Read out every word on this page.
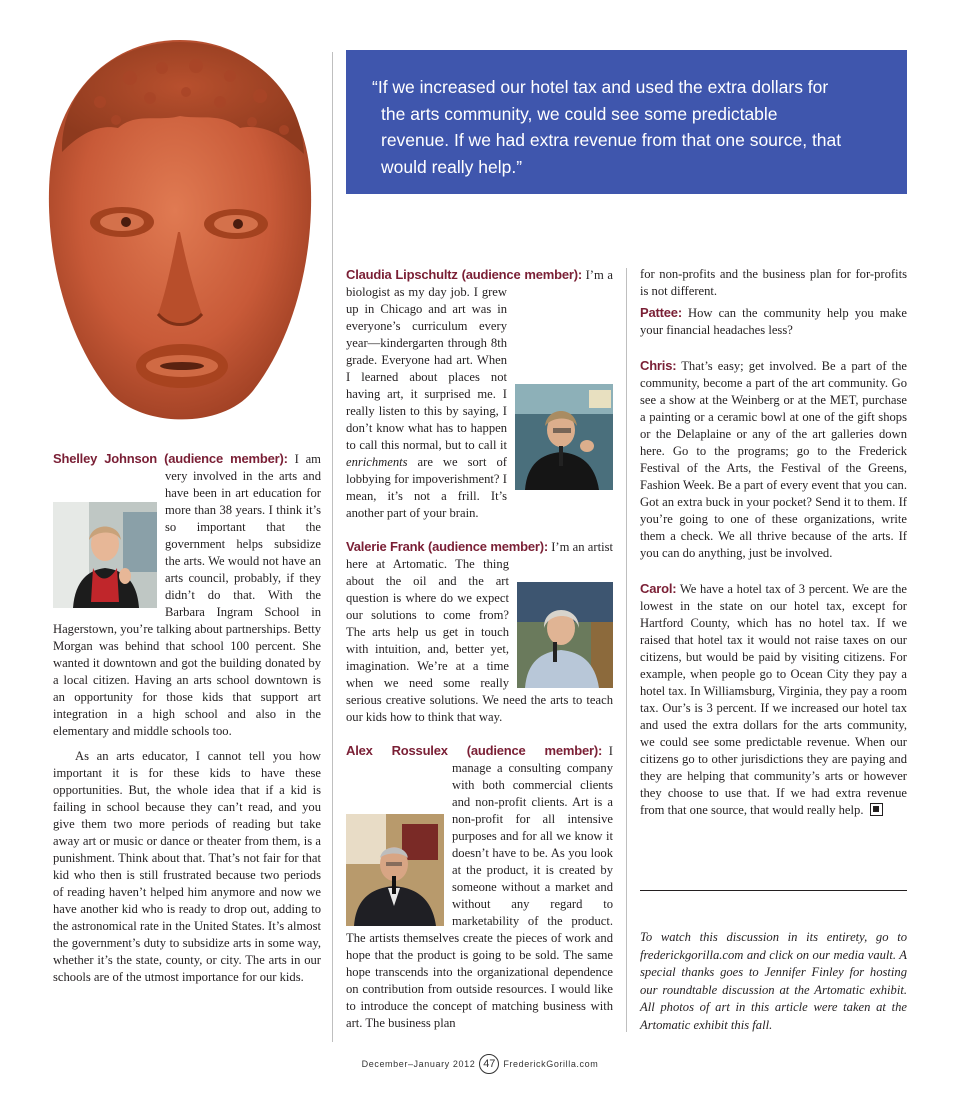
“If we increased our hotel tax and used the extra dollars for the arts community, we could see some predictable revenue. If we had extra revenue from that one source, that would really help.”

Shelley Johnson (audience member): I am very involved in the arts and have been in art education for more than 38 years. I think it’s so important that the government helps subsidize the arts. We would not have an arts council, probably, if they didn’t do that. With the Barbara Ingram School in Hagerstown, you’re talking about partnerships. Betty Morgan was behind that school 100 percent. She wanted it downtown and got the building donated by a local citizen. Having an arts school downtown is an opportunity for those kids that support art integration in a high school and also in the elementary and middle schools too.

As an arts educator, I cannot tell you how important it is for these kids to have these opportunities. But, the whole idea that if a kid is failing in school because they can’t read, and you give them two more periods of reading but take away art or music or dance or theater from them, is a punishment. Think about that. That’s not fair for that kid who then is still frustrated because two periods of reading haven’t helped him anymore and now we have another kid who is ready to drop out, adding to the astronomical rate in the United States. It’s almost the government’s duty to subsidize arts in some way, whether it’s the state, county, or city. The arts in our schools are of the utmost importance for our kids.

Claudia Lipschultz (audience member): I’m a biologist as my day job. I grew up in Chicago and art was in everyone’s curriculum every year—kindergarten through 8th grade. Everyone had art. When I learned about places not having art, it surprised me. I really listen to this by saying, I don’t know what has to happen to call this normal, but to call it enrichments are we sort of lobbying for impoverishment? I mean, it’s not a frill. It’s another part of your brain.

Valerie Frank (audience member): I’m an artist here at Artomatic. The thing about the oil and the art question is where do we expect our solutions to come from? The arts help us get in touch with intuition, and, better yet, imagination. We’re at a time when we need some really serious creative solutions. We need the arts to teach our kids how to think that way.

Alex Rossulex (audience member): I manage a consulting company with both commercial clients and non-profit clients. Art is a non-profit for all intensive purposes and for all we know it doesn’t have to be. As you look at the product, it is created by someone without a market and without any regard to marketability of the product. The artists themselves create the pieces of work and hope that the product is going to be sold. The same hope transcends into the organizational dependence on contribution from outside resources. I would like to introduce the concept of matching business with art. The business plan

for non-profits and the business plan for for-profits is not different.

Pattee: How can the community help you make your financial headaches less?

Chris: That’s easy; get involved. Be a part of the community, become a part of the art community. Go see a show at the Weinberg or at the MET, purchase a painting or a ceramic bowl at one of the gift shops or the Delaplaine or any of the art galleries down here. Go to the programs; go to the Frederick Festival of the Arts, the Festival of the Greens, Fashion Week. Be a part of every event that you can. Got an extra buck in your pocket? Send it to them. If you’re going to one of these organizations, write them a check. We all thrive because of the arts. If you can do anything, just be involved.

Carol: We have a hotel tax of 3 percent. We are the lowest in the state on our hotel tax, except for Hartford County, which has no hotel tax. If we raised that hotel tax it would not raise taxes on our citizens, but would be paid by visiting citizens. For example, when people go to Ocean City they pay a hotel tax. In Williamsburg, Virginia, they pay a room tax. Our’s is 3 percent. If we increased our hotel tax and used the extra dollars for the arts community, we could see some predictable revenue. When our citizens go to other jurisdictions they are paying and they are helping that community’s arts or however they choose to use that. If we had extra revenue from that one source, that would really help.

To watch this discussion in its entirety, go to frederickgorilla.com and click on our media vault. A special thanks goes to Jennifer Finley for hosting our roundtable discussion at the Artomatic exhibit. All photos of art in this article were taken at the Artomatic exhibit this fall.

December–January 2012 47 FrederickGorilla.com
